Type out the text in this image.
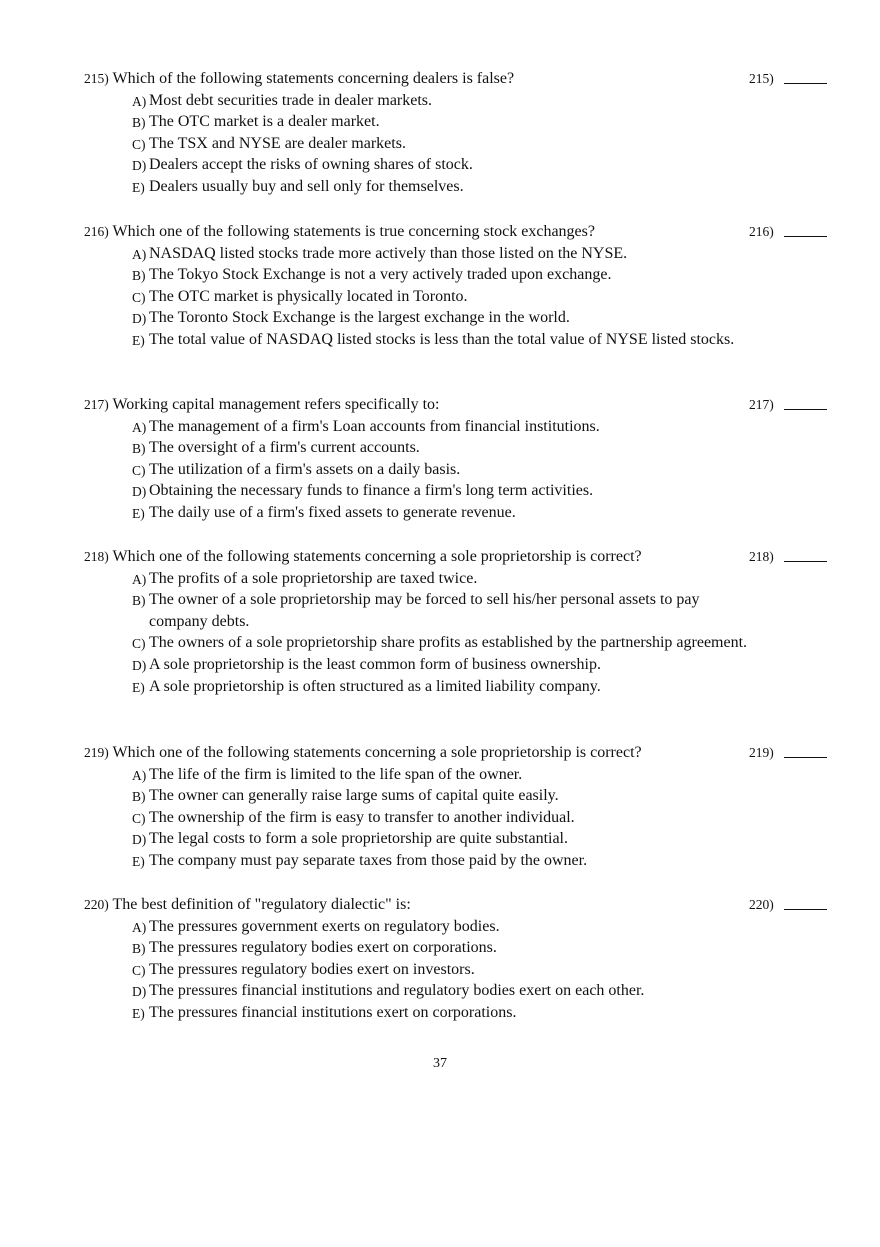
215) Which of the following statements concerning dealers is false?	215)
A) Most debt securities trade in dealer markets.
B) The OTC market is a dealer market.
C) The TSX and NYSE are dealer markets.
D) Dealers accept the risks of owning shares of stock.
E) Dealers usually buy and sell only for themselves.
216) Which one of the following statements is true concerning stock exchanges?	216)
A) NASDAQ listed stocks trade more actively than those listed on the NYSE.
B) The Tokyo Stock Exchange is not a very actively traded upon exchange.
C) The OTC market is physically located in Toronto.
D) The Toronto Stock Exchange is the largest exchange in the world.
E) The total value of NASDAQ listed stocks is less than the total value of NYSE listed stocks.
217) Working capital management refers specifically to:	217)
A) The management of a firm's Loan accounts from financial institutions.
B) The oversight of a firm's current accounts.
C) The utilization of a firm's assets on a daily basis.
D) Obtaining the necessary funds to finance a firm's long term activities.
E) The daily use of a firm's fixed assets to generate revenue.
218) Which one of the following statements concerning a sole proprietorship is correct?	218)
A) The profits of a sole proprietorship are taxed twice.
B) The owner of a sole proprietorship may be forced to sell his/her personal assets to pay company debts.
C) The owners of a sole proprietorship share profits as established by the partnership agreement.
D) A sole proprietorship is the least common form of business ownership.
E) A sole proprietorship is often structured as a limited liability company.
219) Which one of the following statements concerning a sole proprietorship is correct?	219)
A) The life of the firm is limited to the life span of the owner.
B) The owner can generally raise large sums of capital quite easily.
C) The ownership of the firm is easy to transfer to another individual.
D) The legal costs to form a sole proprietorship are quite substantial.
E) The company must pay separate taxes from those paid by the owner.
220) The best definition of "regulatory dialectic" is:	220)
A) The pressures government exerts on regulatory bodies.
B) The pressures regulatory bodies exert on corporations.
C) The pressures regulatory bodies exert on investors.
D) The pressures financial institutions and regulatory bodies exert on each other.
E) The pressures financial institutions exert on corporations.
37
